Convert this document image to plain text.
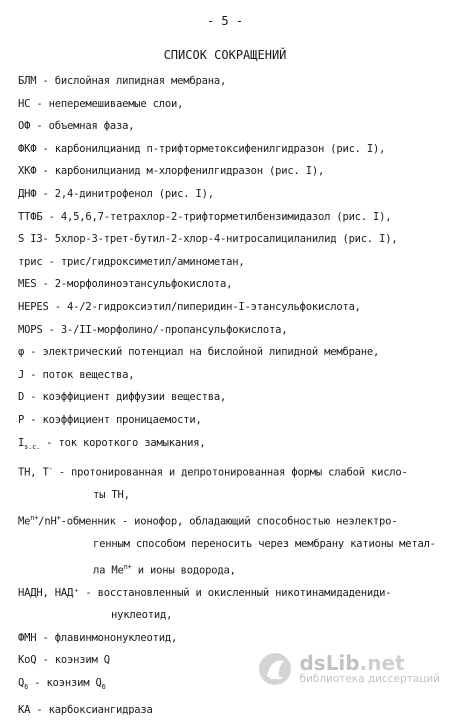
- 5 -
СПИСОК СОКРАЩЕНИЙ
БЛМ - бислойная липидная мембрана,
НС - неперемешиваемые слои,
ОФ - объемная фаза,
ФКФ - карбонилцианид п-трифторметоксифенилгидразон (рис. I),
ХКФ - карбонилцианид м-хлорфенилгидразон (рис. I),
ДНФ - 2,4-динитрофенол (рис. I),
ТТФБ - 4,5,6,7-тетрахлор-2-трифторметилбензимидазол (рис. I),
S I3- 5хлор-3-трет-бутил-2-хлор-4-нитросалициланилид (рис. I),
трис - трис/гидроксиметил/аминометан,
MES - 2-морфолиноэтансульфокислота,
HEPES - 4-/2-гидроксиэтил/пиперидин-I-этансульфокислота,
MOPS - 3-/II-морфолино/-пропансульфокислота,
φ - электрический потенциал на бислойной липидной мембране,
J - поток вещества,
D - коэффициент диффузии вещества,
P - коэффициент проницаемости,
$I_{s.c.}$ - ток короткого замыкания,
TH, T- - протонированная и депротонированная формы слабой кисло-
ты ТН,
$Me^{n+}/nH^+$-обменник - ионофор, обладающий способностью неэлектро-
генным способом переносить через мембрану катионы метал-
ла $Me^{n+}$ и ионы водорода,
НАДН, НАД⁺ - восстановленный и окисленный никотинамидадениди-
нуклеотид,
ФМН - флавинмононуклеотид,
KoQ - коэнзим Q
$Q_6$ - коэнзим $Q_6$
КА - карбоксиангидраза
dsLib.net
библиотека диссертаций
